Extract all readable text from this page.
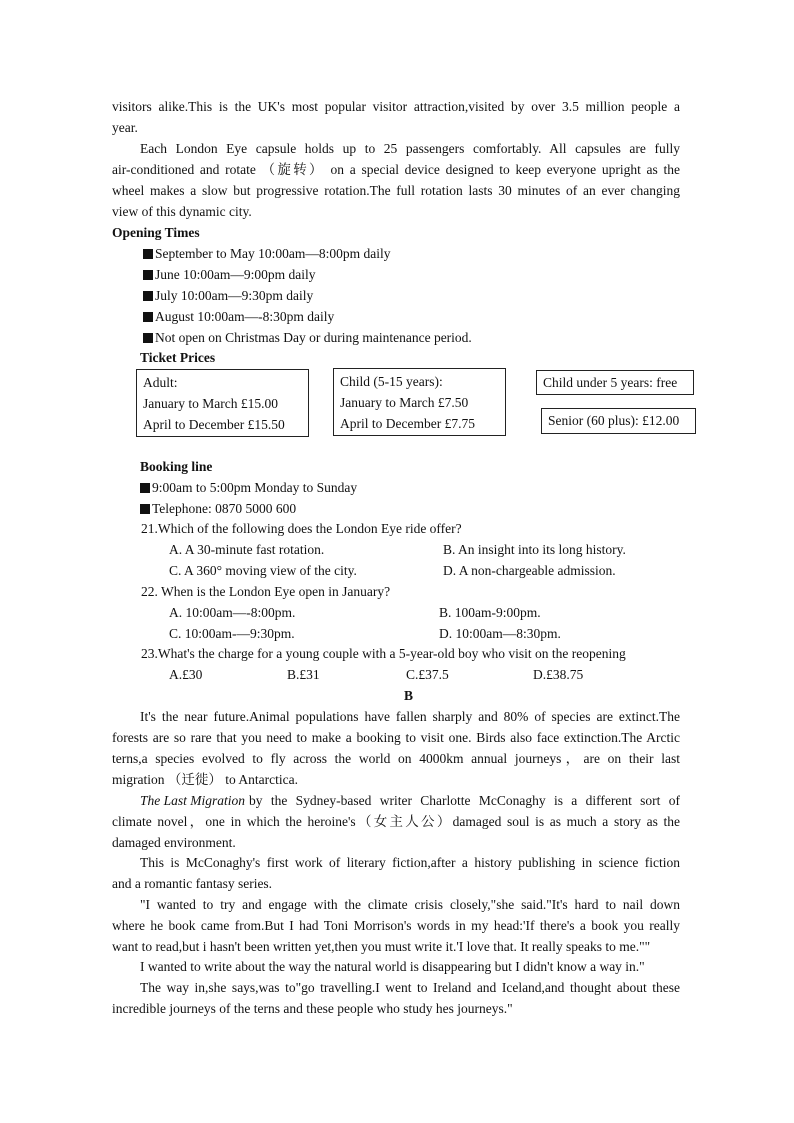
visitors alike.This is the UK's most popular visitor attraction,visited by over 3.5 million people a
year.
Each London Eye capsule holds up to 25 passengers comfortably. All capsules are fully
air-conditioned and rotate （旋转） on a special device designed to keep everyone upright as the
wheel makes a slow but progressive rotation.The full rotation lasts 30 minutes of an ever changing
view of this dynamic city.
Opening Times
September to May 10:00am—8:00pm daily
June 10:00am—9:00pm daily
July 10:00am—9:30pm daily
August 10:00am—-8:30pm daily
Not open on Christmas Day or during maintenance period.
Ticket Prices
Adult:
January to March £15.00
April to December £15.50
Child (5-15 years):
January to March £7.50
April to December £7.75
Child under 5 years: free
Senior (60 plus): £12.00
Booking line
9:00am to 5:00pm Monday to Sunday
Telephone: 0870 5000 600
21.Which of the following does the London Eye ride offer?
A. A 30-minute fast rotation.	B. An insight into its long history.
C. A 360° moving view of the city.	D. A non-chargeable admission.
22. When is the London Eye open in January?
A. 10:00am—-8:00pm.	B. 100am-9:00pm.
C. 10:00am-—9:30pm.	D. 10:00am—8:30pm.
23.What's the charge for a young couple with a 5-year-old boy who visit on the reopening
A.£30	B.£31	C.£37.5	D.£38.75
B
It's the near future.Animal populations have fallen sharply and 80% of species are extinct.The
forests are so rare that you need to make a booking to visit one. Birds also face extinction.The Arctic
terns,a species evolved to fly across the world on 4000km annual journeys，are on their last
migration （迁徙） to Antarctica.
The Last Migration by the Sydney-based writer Charlotte McConaghy is a different sort of
climate novel，one in which the heroine's（女主人公）damaged soul is as much a story as the
damaged environment.
This is McConaghy's first work of literary fiction,after a history publishing in science fiction
and a romantic fantasy series.
"I wanted to try and engage with the climate crisis closely,"she said."It's hard to nail down
where he book came from.But I had Toni Morrison's words in my head:'If there's a book you really
want to read,but i hasn't been written yet,then you must write it.'I love that. It really speaks to me.""
I wanted to write about the way the natural world is disappearing but I didn't know a way in."
The way in,she says,was to"go travelling.I went to Ireland and Iceland,and thought about these
incredible journeys of the terns and these people who study hes journeys."
